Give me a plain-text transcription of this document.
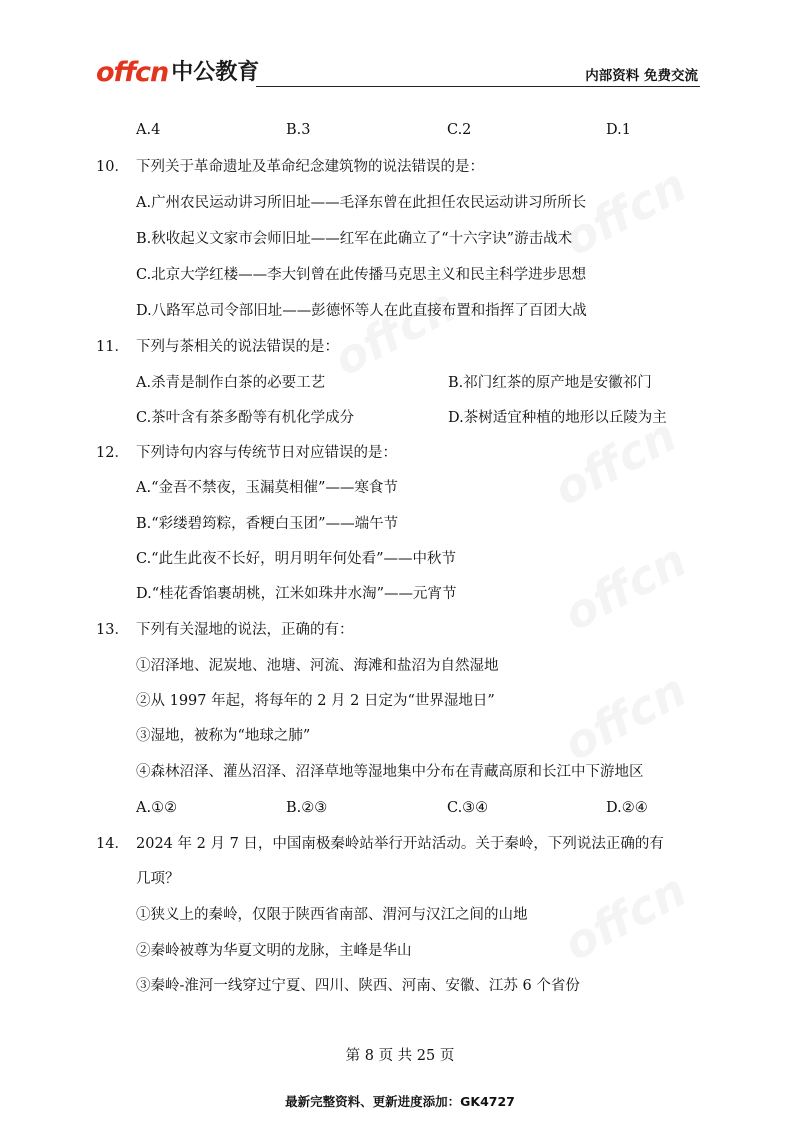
offcn 中公教育	内部资料 免费交流
A.4	B.3	C.2	D.1
10． 下列关于革命遗址及革命纪念建筑物的说法错误的是：
A.广州农民运动讲习所旧址——毛泽东曾在此担任农民运动讲习所所长
B.秋收起义文家市会师旧址——红军在此确立了“十六字诀”游击战术
C.北京大学红楼——李大钊曾在此传播马克思主义和民主科学进步思想
D.八路军总司令部旧址——彭德怀等人在此直接布置和指挥了百团大战
11． 下列与茶相关的说法错误的是：
A.杀青是制作白茶的必要工艺	B.祁门红茶的原产地是安徽祁门
C.茶叶含有茶多酚等有机化学成分	D.茶树适宜种植的地形以丘陵为主
12． 下列诗句内容与传统节日对应错误的是：
A.“金吾不禁夜，玉漏莫相催”——寒食节
B.“彩缕碧筠粽，香粳白玉团”——端午节
C.“此生此夜不长好，明月明年何处看”——中秋节
D.“桂花香馅裹胡桃，江米如珠井水淘”——元宵节
13． 下列有关湿地的说法，正确的有：
①沼泽地、泥炭地、池塘、河流、海滩和盐沼为自然湿地
②从 1997 年起，将每年的 2 月 2 日定为“世界湿地日”
③湿地，被称为“地球之肺”
④森林沼泽、灌丛沼泽、沼泽草地等湿地集中分布在青藏高原和长江中下游地区
A.①②	B.②③	C.③④	D.②④
14． 2024 年 2 月 7 日，中国南极秦岭站举行开站活动。关于秦岭，下列说法正确的有
几项？
①狭义上的秦岭，仅限于陕西省南部、渭河与汉江之间的山地
②秦岭被尊为华夏文明的龙脉，主峰是华山
③秦岭-淮河一线穿过宁夏、四川、陕西、河南、安徽、江苏 6 个省份
第 8 页 共 25 页
最新完整资料、更新进度添加：GK4727
